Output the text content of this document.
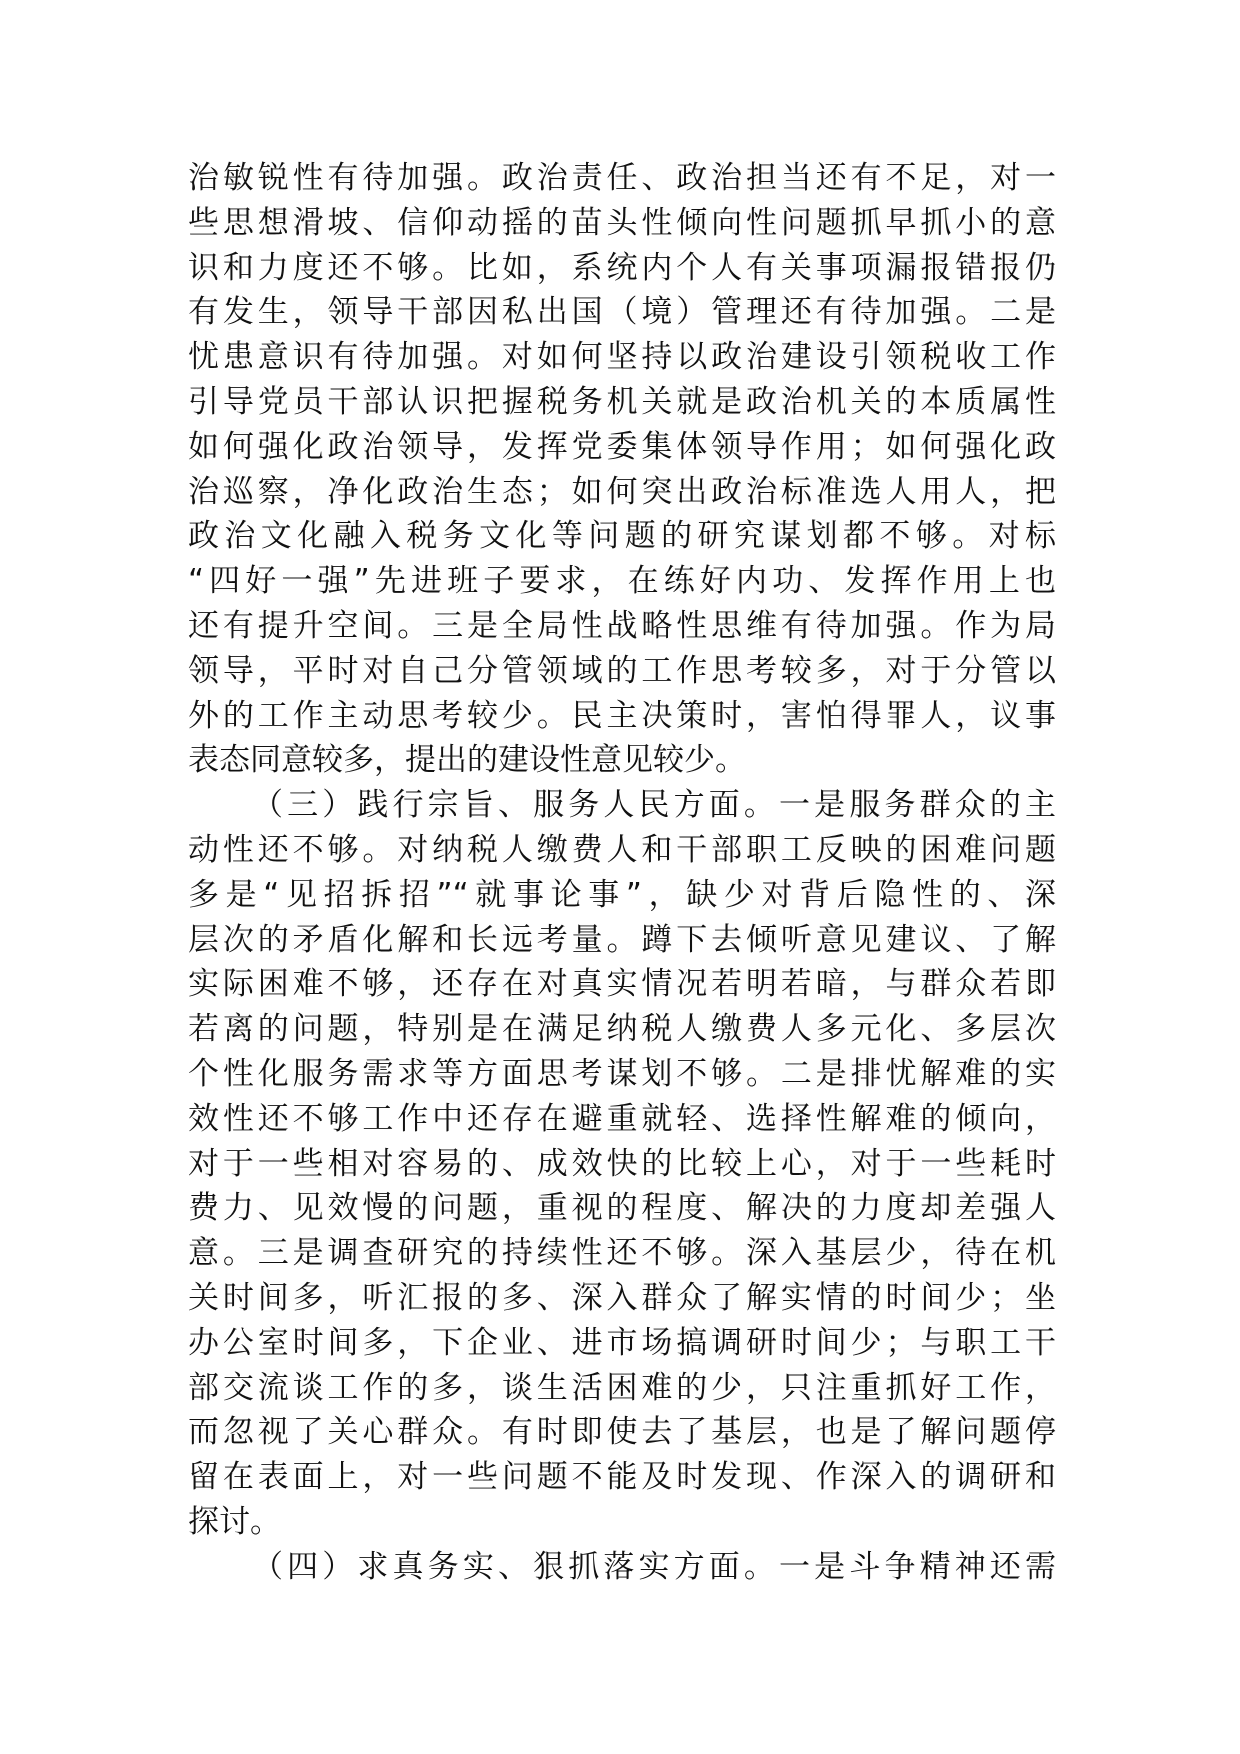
治敏锐性有待加强。政治责任、政治担当还有不足，对一
些思想滑坡、信仰动摇的苗头性倾向性问题抓早抓小的意
识和力度还不够。比如，系统内个人有关事项漏报错报仍
有发生，领导干部因私出国（境）管理还有待加强。二是
忧患意识有待加强。对如何坚持以政治建设引领税收工作
引导党员干部认识把握税务机关就是政治机关的本质属性
如何强化政治领导，发挥党委集体领导作用；如何强化政
治巡察，净化政治生态；如何突出政治标准选人用人，把
政治文化融入税务文化等问题的研究谋划都不够。对标
“四好一强”先进班子要求，在练好内功、发挥作用上也
还有提升空间。三是全局性战略性思维有待加强。作为局
领导，平时对自己分管领域的工作思考较多，对于分管以
外的工作主动思考较少。民主决策时，害怕得罪人，议事
表态同意较多，提出的建设性意见较少。
（三）践行宗旨、服务人民方面。一是服务群众的主
动性还不够。对纳税人缴费人和干部职工反映的困难问题
多是“见招拆招”“就事论事”，缺少对背后隐性的、深
层次的矛盾化解和长远考量。蹲下去倾听意见建议、了解
实际困难不够，还存在对真实情况若明若暗，与群众若即
若离的问题，特别是在满足纳税人缴费人多元化、多层次
个性化服务需求等方面思考谋划不够。二是排忧解难的实
效性还不够工作中还存在避重就轻、选择性解难的倾向，
对于一些相对容易的、成效快的比较上心，对于一些耗时
费力、见效慢的问题，重视的程度、解决的力度却差强人
意。三是调查研究的持续性还不够。深入基层少，待在机
关时间多，听汇报的多、深入群众了解实情的时间少；坐
办公室时间多，下企业、进市场搞调研时间少；与职工干
部交流谈工作的多，谈生活困难的少，只注重抓好工作，
而忽视了关心群众。有时即使去了基层，也是了解问题停
留在表面上，对一些问题不能及时发现、作深入的调研和
探讨。
（四）求真务实、狠抓落实方面。一是斗争精神还需
